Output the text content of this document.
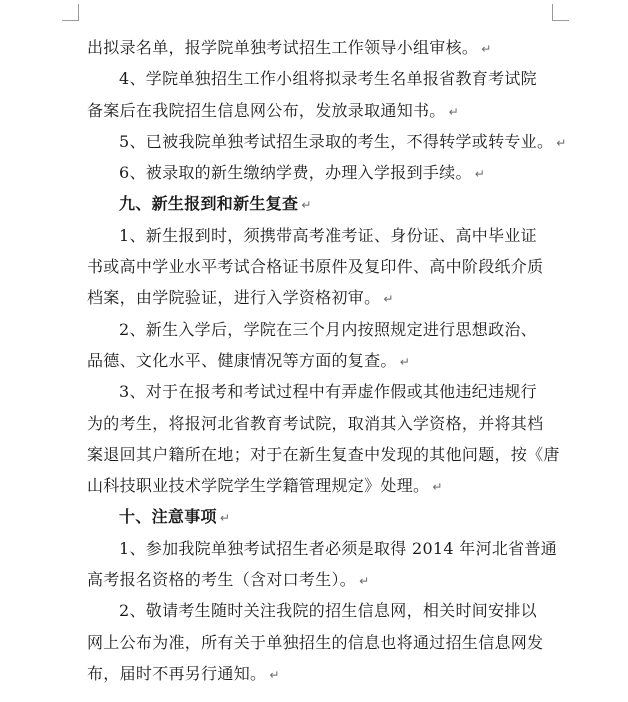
出拟录名单，报学院单独考试招生工作领导小组审核。 ↵
4、学院单独招生工作小组将拟录考生名单报省教育考试院
备案后在我院招生信息网公布，发放录取通知书。 ↵
5、已被我院单独考试招生录取的考生，不得转学或转专业。 ↵
6、被录取的新生缴纳学费，办理入学报到手续。 ↵
九、新生报到和新生复查 ↵
1、新生报到时，须携带高考准考证、身份证、高中毕业证
书或高中学业水平考试合格证书原件及复印件、高中阶段纸介质
档案，由学院验证，进行入学资格初审。 ↵
2、新生入学后，学院在三个月内按照规定进行思想政治、
品德、文化水平、健康情况等方面的复查。 ↵
3、对于在报考和考试过程中有弄虚作假或其他违纪违规行
为的考生，将报河北省教育考试院，取消其入学资格，并将其档
案退回其户籍所在地；对于在新生复查中发现的其他问题，按《唐
山科技职业技术学院学生学籍管理规定》处理。 ↵
十、注意事项 ↵
1、参加我院单独考试招生者必须是取得 2014 年河北省普通
高考报名资格的考生（含对口考生）。 ↵
2、敬请考生随时关注我院的招生信息网，相关时间安排以
网上公布为准，所有关于单独招生的信息也将通过招生信息网发
布，届时不再另行通知。 ↵
